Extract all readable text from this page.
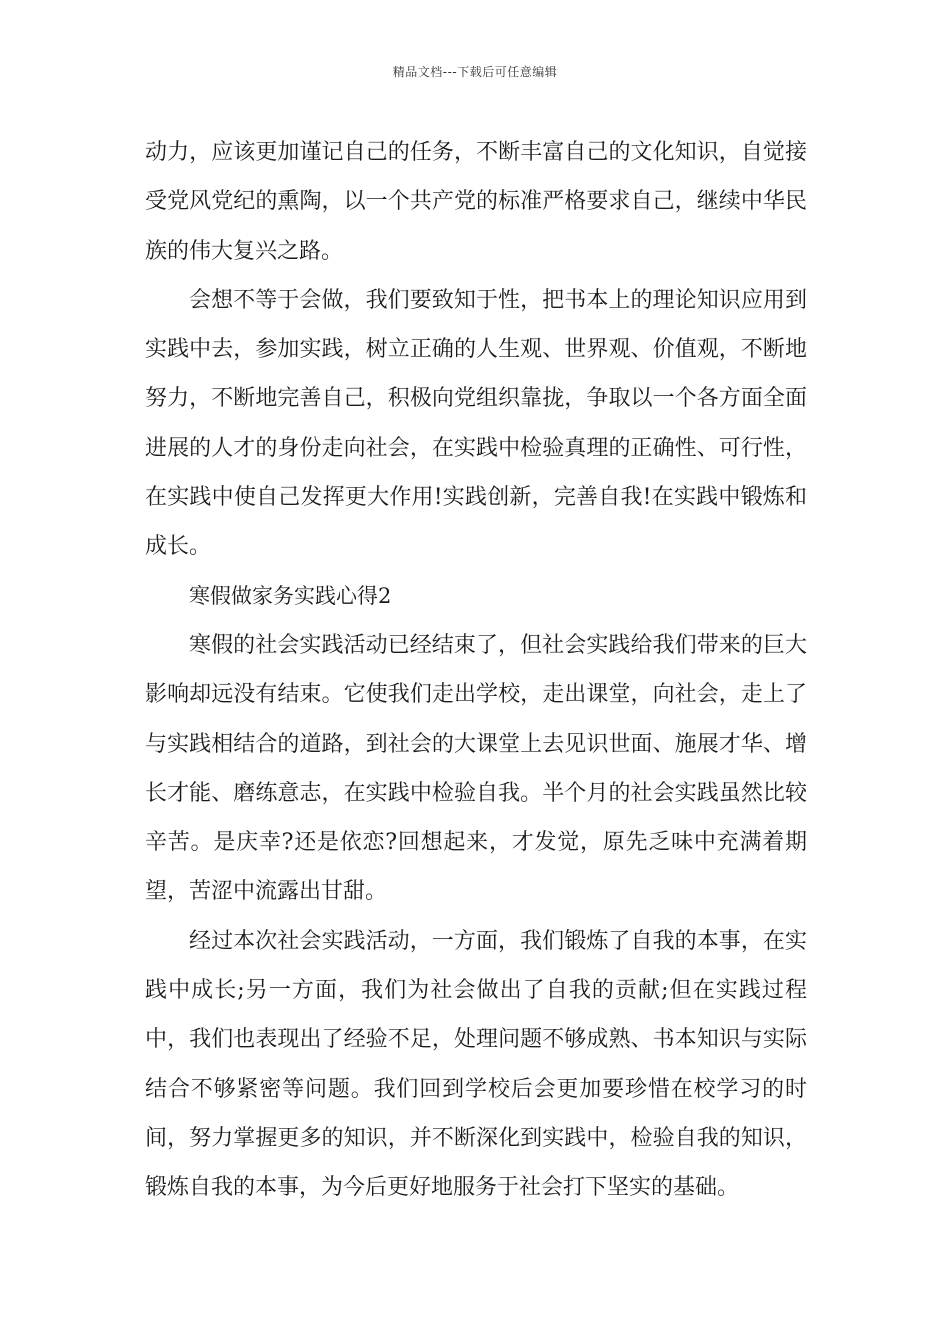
精品文档---下载后可任意编辑

动力，应该更加谨记自己的任务，不断丰富自己的文化知识，自觉接受党风党纪的熏陶，以一个共产党的标准严格要求自己，继续中华民族的伟大复兴之路。

会想不等于会做，我们要致知于性，把书本上的理论知识应用到实践中去，参加实践，树立正确的人生观、世界观、价值观，不断地努力，不断地完善自己，积极向党组织靠拢，争取以一个各方面全面进展的人才的身份走向社会，在实践中检验真理的正确性、可行性，在实践中使自己发挥更大作用!实践创新，完善自我!在实践中锻炼和成长。

寒假做家务实践心得2

寒假的社会实践活动已经结束了，但社会实践给我们带来的巨大影响却远没有结束。它使我们走出学校，走出课堂，向社会，走上了与实践相结合的道路，到社会的大课堂上去见识世面、施展才华、增长才能、磨练意志，在实践中检验自我。半个月的社会实践虽然比较辛苦。是庆幸?还是依恋?回想起来，才发觉，原先乏味中充满着期望，苦涩中流露出甘甜。

经过本次社会实践活动，一方面，我们锻炼了自我的本事，在实践中成长;另一方面，我们为社会做出了自我的贡献;但在实践过程中，我们也表现出了经验不足，处理问题不够成熟、书本知识与实际结合不够紧密等问题。我们回到学校后会更加要珍惜在校学习的时间，努力掌握更多的知识，并不断深化到实践中，检验自我的知识，锻炼自我的本事，为今后更好地服务于社会打下坚实的基础。
